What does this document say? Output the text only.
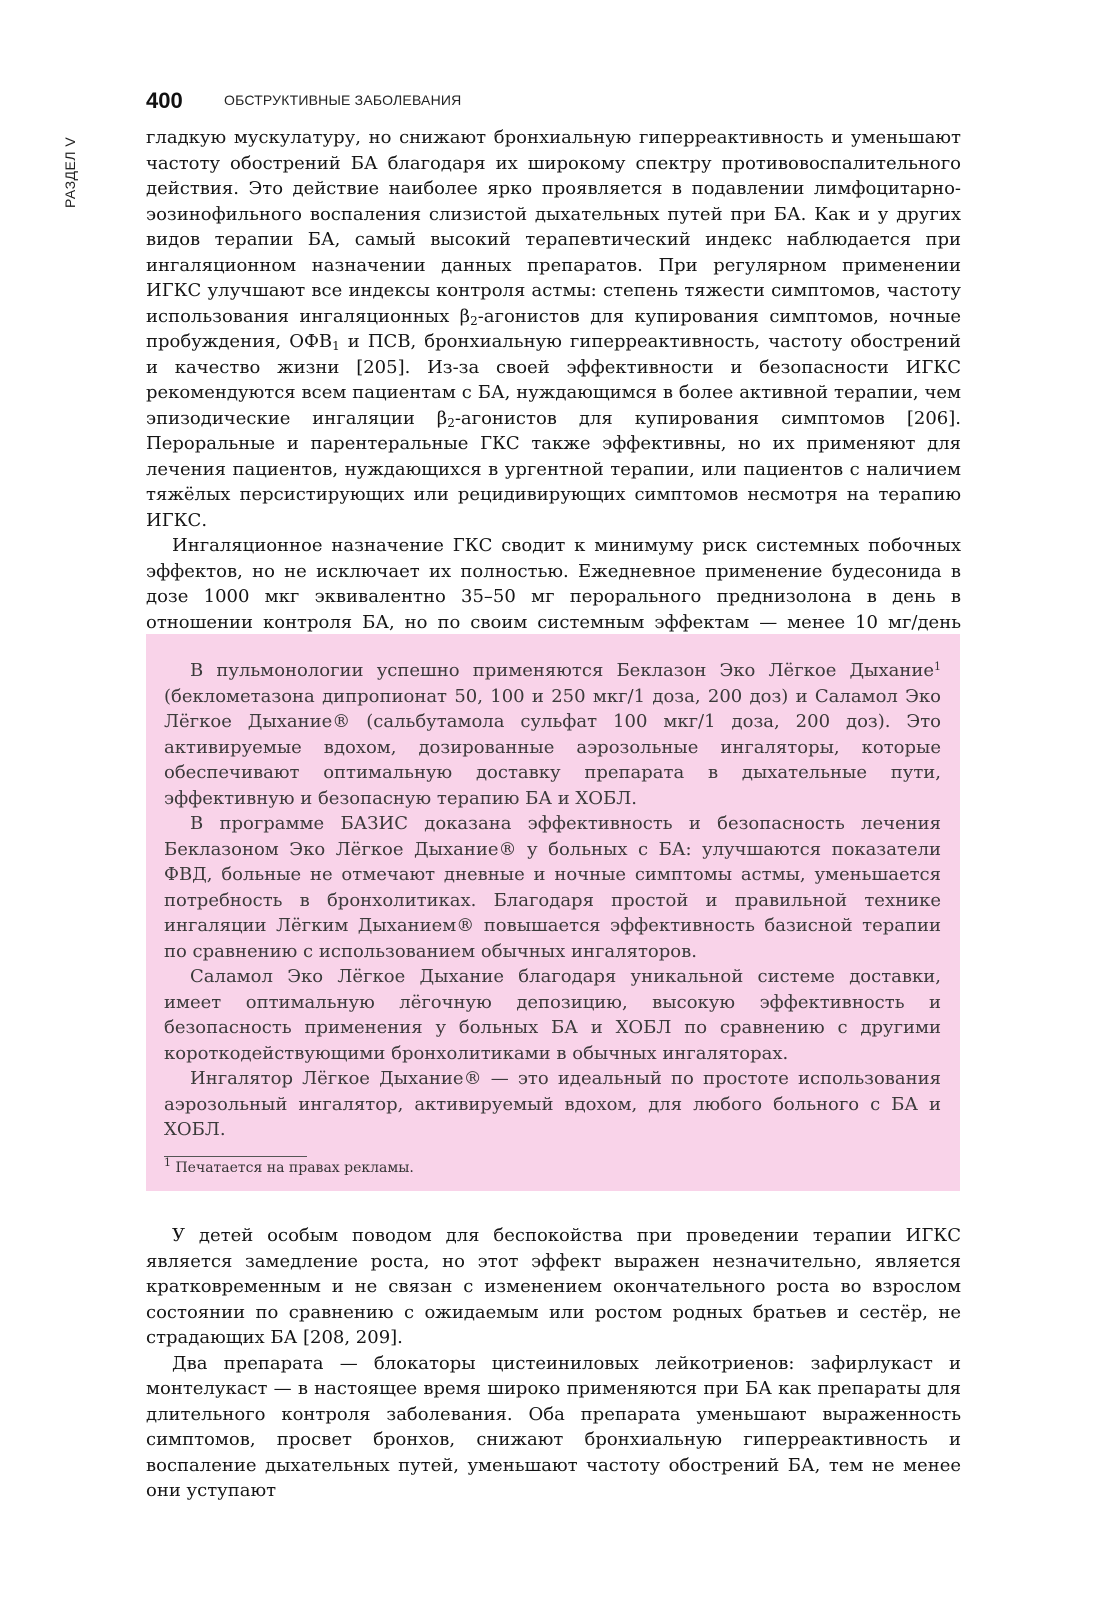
РАЗДЕЛ V
400	ОБСТРУКТИВНЫЕ ЗАБОЛЕВАНИЯ

гладкую мускулатуру, но снижают бронхиальную гиперреактивность и уменьшают частоту обострений БА благодаря их широкому спектру противовоспалительного действия. Это действие наиболее ярко проявляется в подавлении лимфоцитарно-эозинофильного воспаления слизистой дыхательных путей при БА. Как и у других видов терапии БА, самый высокий терапевтический индекс наблюдается при ингаляционном назначении данных препаратов. При регулярном применении ИГКС улучшают все индексы контроля астмы: степень тяжести симптомов, частоту использования ингаляционных $\beta_2$-агонистов для купирования симптомов, ночные пробуждения, $ОФВ_1$ и ПСВ, бронхиальную гиперреактивность, частоту обострений и качество жизни [205]. Из-за своей эффективности и безопасности ИГКС рекомендуются всем пациентам с БА, нуждающимся в более активной терапии, чем эпизодические ингаляции $\beta_2$-агонистов для купирования симптомов [206]. Пероральные и парентеральные ГКС также эффективны, но их применяют для лечения пациентов, нуждающихся в ургентной терапии, или пациентов с наличием тяжёлых персистирующих или рецидивирующих симптомов несмотря на терапию ИГКС.

Ингаляционное назначение ГКС сводит к минимуму риск системных побочных эффектов, но не исключает их полностью. Ежедневное применение будесонида в дозе 1000 мкг эквивалентно 35–50 мг перорального преднизолона в день в отношении контроля БА, но по своим системным эффектам — менее 10 мг/день

В пульмонологии успешно применяются Беклазон Эко Лёгкое Дыхание$^1$ (беклометазона дипропионат 50, 100 и 250 мкг/1 доза, 200 доз) и Саламол Эко Лёгкое Дыхание® (сальбутамола сульфат 100 мкг/1 доза, 200 доз). Это активируемые вдохом, дозированные аэрозольные ингаляторы, которые обеспечивают оптимальную доставку препарата в дыхательные пути, эффективную и безопасную терапию БА и ХОБЛ.

В программе БАЗИС доказана эффективность и безопасность лечения Беклазоном Эко Лёгкое Дыхание® у больных с БА: улучшаются показатели ФВД, больные не отмечают дневные и ночные симптомы астмы, уменьшается потребность в бронхолитиках. Благодаря простой и правильной технике ингаляции Лёгким Дыханием® повышается эффективность базисной терапии по сравнению с использованием обычных ингаляторов.

Саламол Эко Лёгкое Дыхание благодаря уникальной системе доставки, имеет оптимальную лёгочную депозицию, высокую эффективность и безопасность применения у больных БА и ХОБЛ по сравнению с другими короткодействующими бронхолитиками в обычных ингаляторах.

Ингалятор Лёгкое Дыхание® — это идеальный по простоте использования аэрозольный ингалятор, активируемый вдохом, для любого больного с БА и ХОБЛ.

$^1$ Печатается на правах рекламы.

У детей особым поводом для беспокойства при проведении терапии ИГКС является замедление роста, но этот эффект выражен незначительно, является кратковременным и не связан с изменением окончательного роста во взрослом состоянии по сравнению с ожидаемым или ростом родных братьев и сестёр, не страдающих БА [208, 209].

Два препарата — блокаторы цистеиниловых лейкотриенов: зафирлукаст и монтелукаст — в настоящее время широко применяются при БА как препараты для длительного контроля заболевания. Оба препарата уменьшают выраженность симптомов, просвет бронхов, снижают бронхиальную гиперреактивность и воспаление дыхательных путей, уменьшают частоту обострений БА, тем не менее они уступают
